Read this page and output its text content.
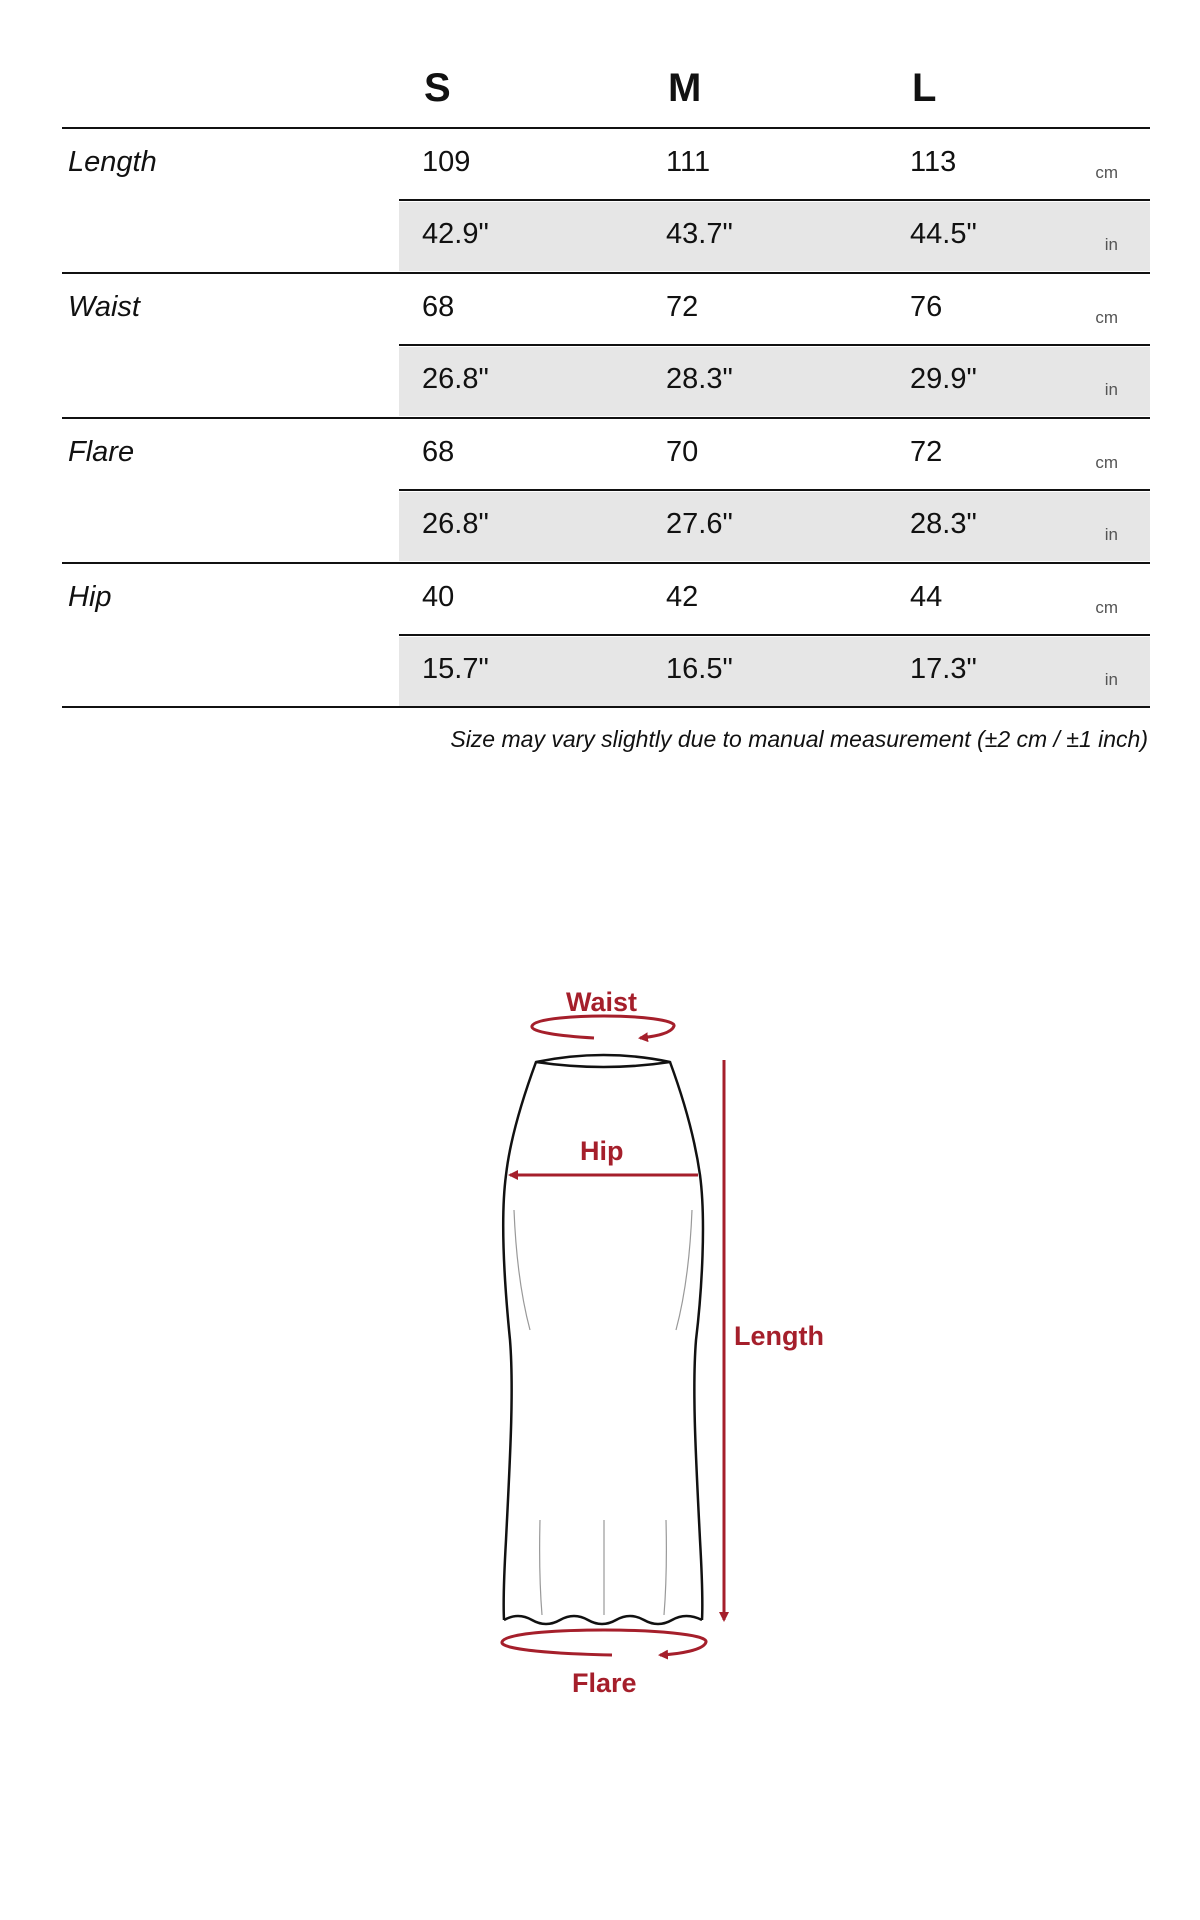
S	M	L
Length	109	111	113	cm
42.9"	43.7"	44.5"	in
Waist	68	72	76	cm
26.8"	28.3"	29.9"	in
Flare	68	70	72	cm
26.8"	27.6"	28.3"	in
Hip	40	42	44	cm
15.7"	16.5"	17.3"	in
Size may vary slightly due to manual measurement (±2 cm / ±1 inch)
Waist
Hip
Length
Flare
